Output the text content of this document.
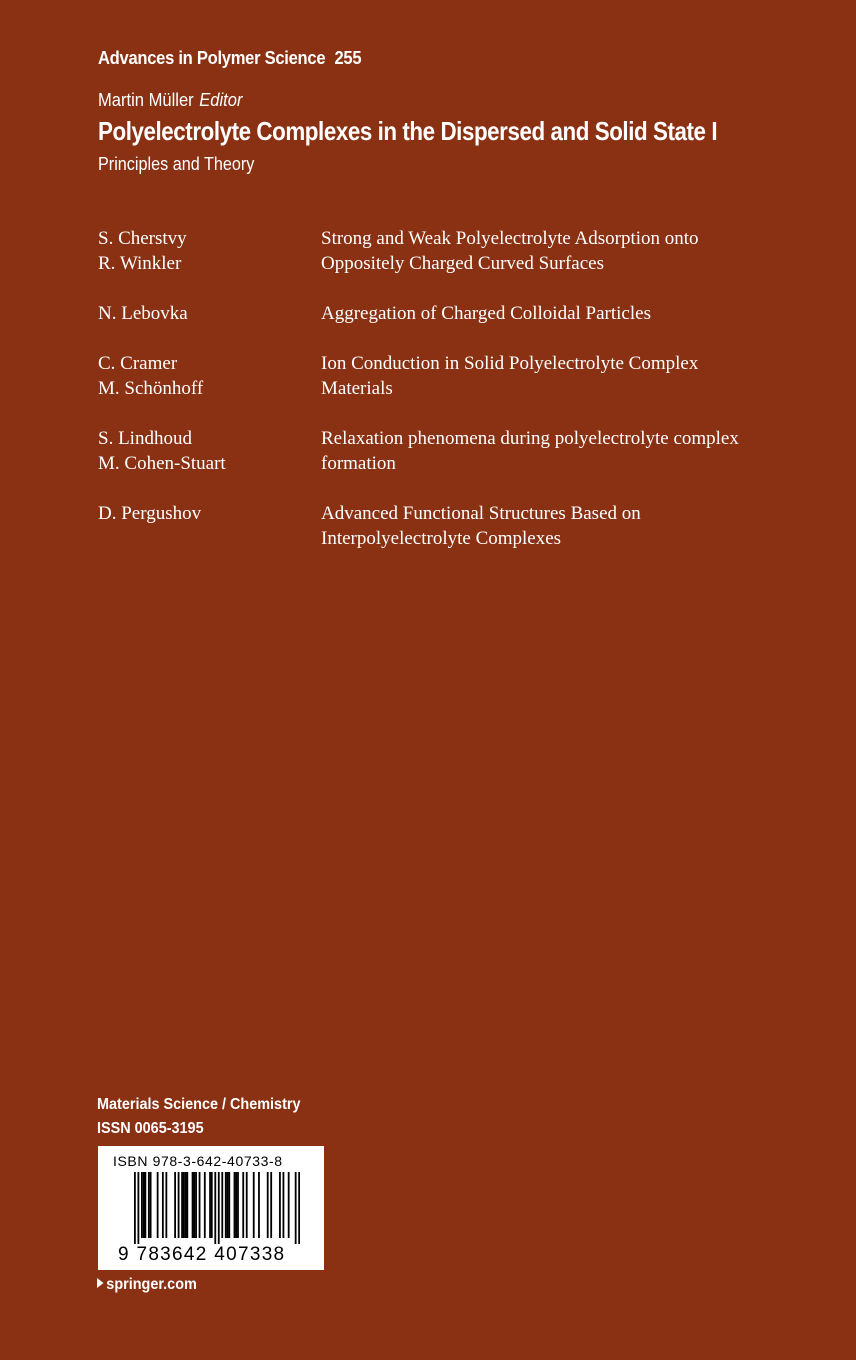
Advances in Polymer Science 255
Martin Müller Editor
Polyelectrolyte Complexes in the Dispersed and Solid State I
Principles and Theory
S. Cherstvy
R. Winkler
Strong and Weak Polyelectrolyte Adsorption onto
Oppositely Charged Curved Surfaces
N. Lebovka	Aggregation of Charged Colloidal Particles
C. Cramer
M. Schönhoff
Ion Conduction in Solid Polyelectrolyte Complex
Materials
S. Lindhoud
M. Cohen-Stuart
Relaxation phenomena during polyelectrolyte complex
formation
D. Pergushov	Advanced Functional Structures Based on
Interpolyelectrolyte Complexes
Materials Science / Chemistry
ISSN 0065-3195
ISBN 978-3-642-40733-8
9 783642 407338
springer.com
